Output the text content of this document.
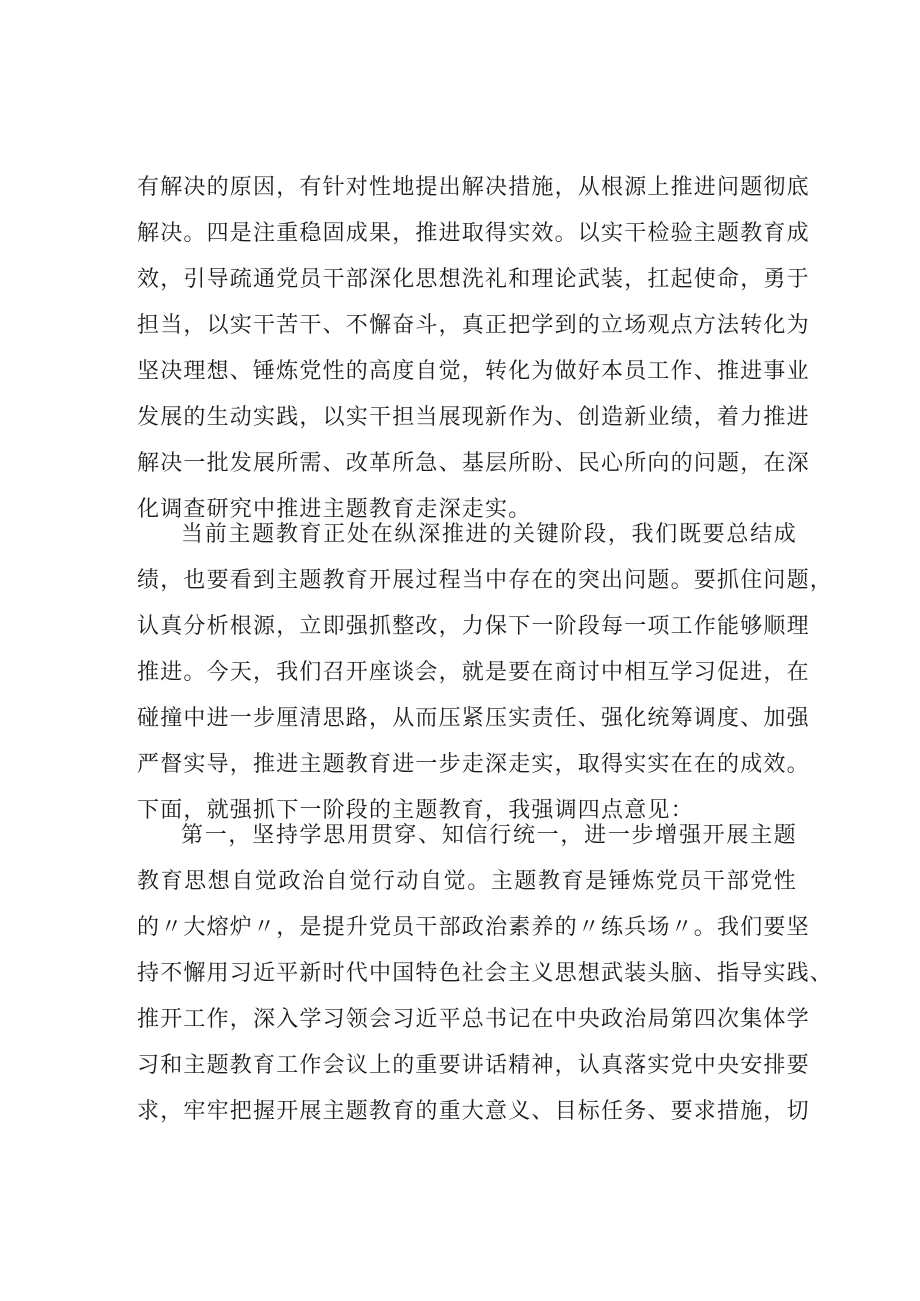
有解决的原因，有针对性地提出解决措施，从根源上推进问题彻底
解决。四是注重稳固成果，推进取得实效。以实干检验主题教育成
效，引导疏通党员干部深化思想洗礼和理论武装，扛起使命，勇于
担当，以实干苦干、不懈奋斗，真正把学到的立场观点方法转化为
坚决理想、锤炼党性的高度自觉，转化为做好本员工作、推进事业
发展的生动实践，以实干担当展现新作为、创造新业绩，着力推进
解决一批发展所需、改革所急、基层所盼、民心所向的问题，在深
化调查研究中推进主题教育走深走实。
当前主题教育正处在纵深推进的关键阶段，我们既要总结成
绩，也要看到主题教育开展过程当中存在的突出问题。要抓住问题，
认真分析根源，立即强抓整改，力保下一阶段每一项工作能够顺理
推进。今天，我们召开座谈会，就是要在商讨中相互学习促进，在
碰撞中进一步厘清思路，从而压紧压实责任、强化统筹调度、加强
严督实导，推进主题教育进一步走深走实，取得实实在在的成效。
下面，就强抓下一阶段的主题教育，我强调四点意见：
第一，坚持学思用贯穿、知信行统一，进一步增强开展主题
教育思想自觉政治自觉行动自觉。主题教育是锤炼党员干部党性
的〃大熔炉〃，是提升党员干部政治素养的〃练兵场〃。我们要坚
持不懈用习近平新时代中国特色社会主义思想武装头脑、指导实践、
推开工作，深入学习领会习近平总书记在中央政治局第四次集体学
习和主题教育工作会议上的重要讲话精神，认真落实党中央安排要
求，牢牢把握开展主题教育的重大意义、目标任务、要求措施，切
